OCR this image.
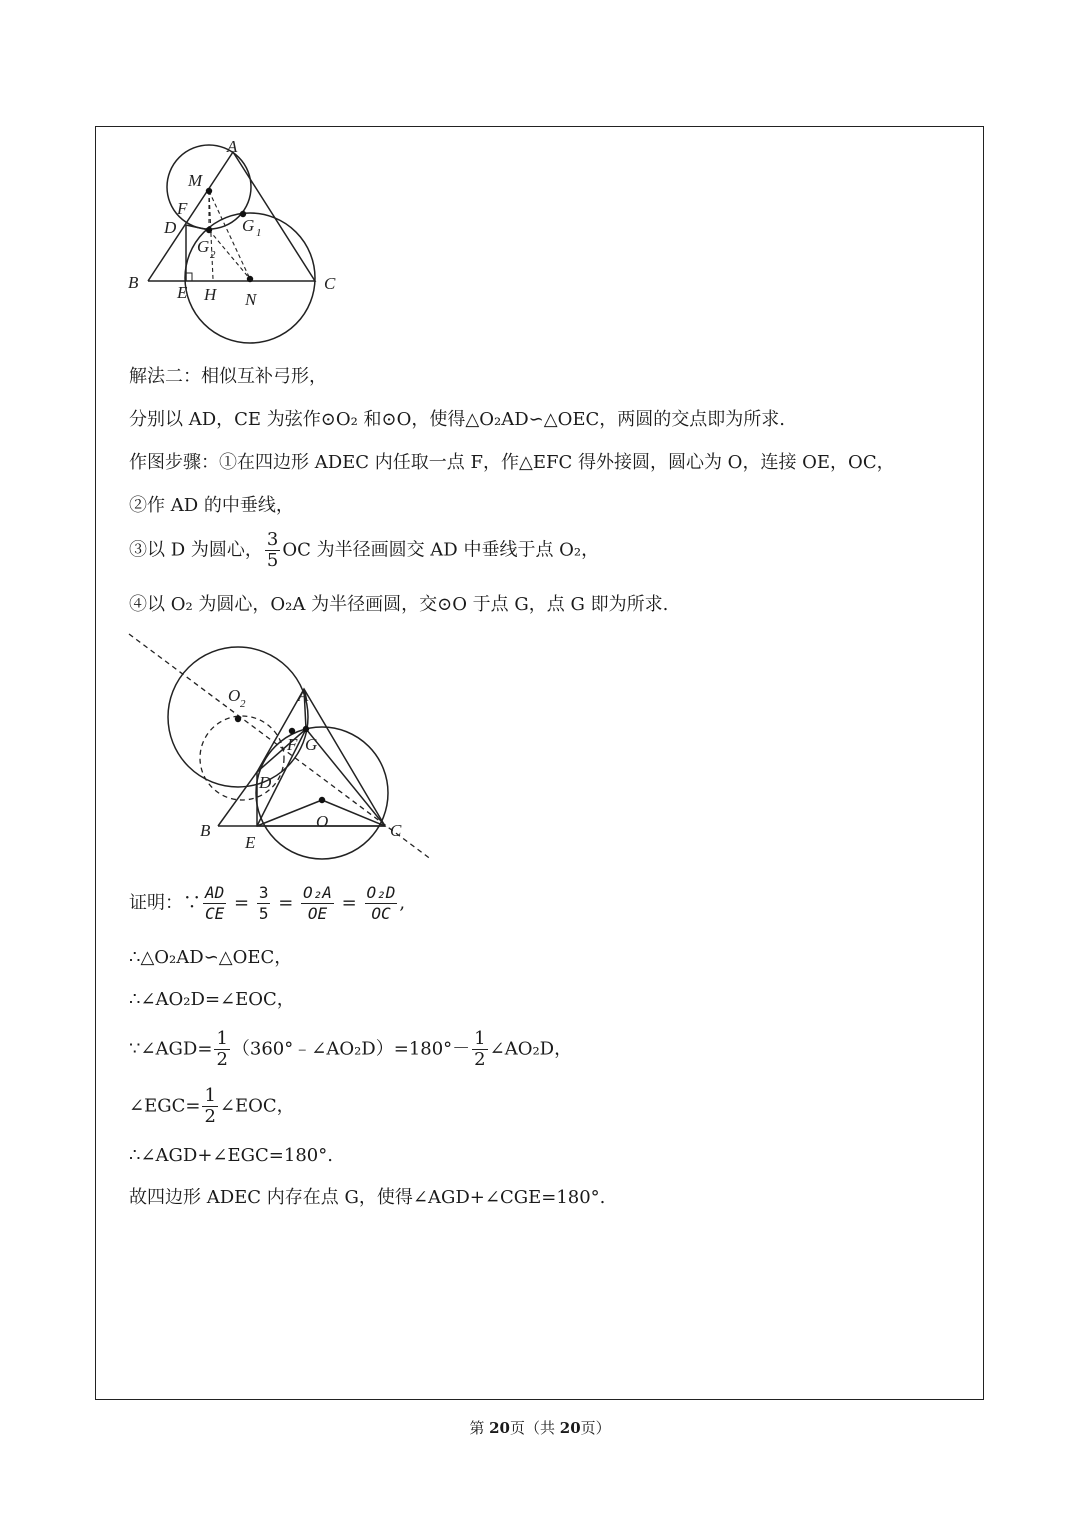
A
M
F
D	G 1
G 2
B
E H N
C
解法二：相似互补弓形，
分别以 AD，CE 为弦作⊙O₂ 和⊙O，使得△O₂AD∽△OEC，两圆的交点即为所求.
作图步骤：①在四边形 ADEC 内任取一点 F，作△EFC 得外接圆，圆心为 O，连接 OE，OC，
②作 AD 的中垂线，
③以 D 为圆心， $\frac{3}{5}$ OC 为半径画圆交 AD 中垂线于点 O₂，
④以 O₂ 为圆心，O₂A 为半径画圆，交⊙O 于点 G，点 G 即为所求.
O 2	A
F G
D
B
E
O	C
证明：∵ $\frac{AD}{CE} = \frac{3}{5} = \frac{\text{O₂A}}{OE} = \frac{\text{O₂D}}{OC}$ ,
∴△O₂AD∽△OEC，
∴∠AO₂D=∠EOC，
∵∠AGD= $\frac{1}{2}$ （360°﹣∠AO₂D）=180°－ $\frac{1}{2}$ ∠AO₂D，
∠EGC= $\frac{1}{2}$ ∠EOC，
∴∠AGD+∠EGC=180°.
故四边形 ADEC 内存在点 G，使得∠AGD+∠CGE=180°.
第 20页（共 20页）
